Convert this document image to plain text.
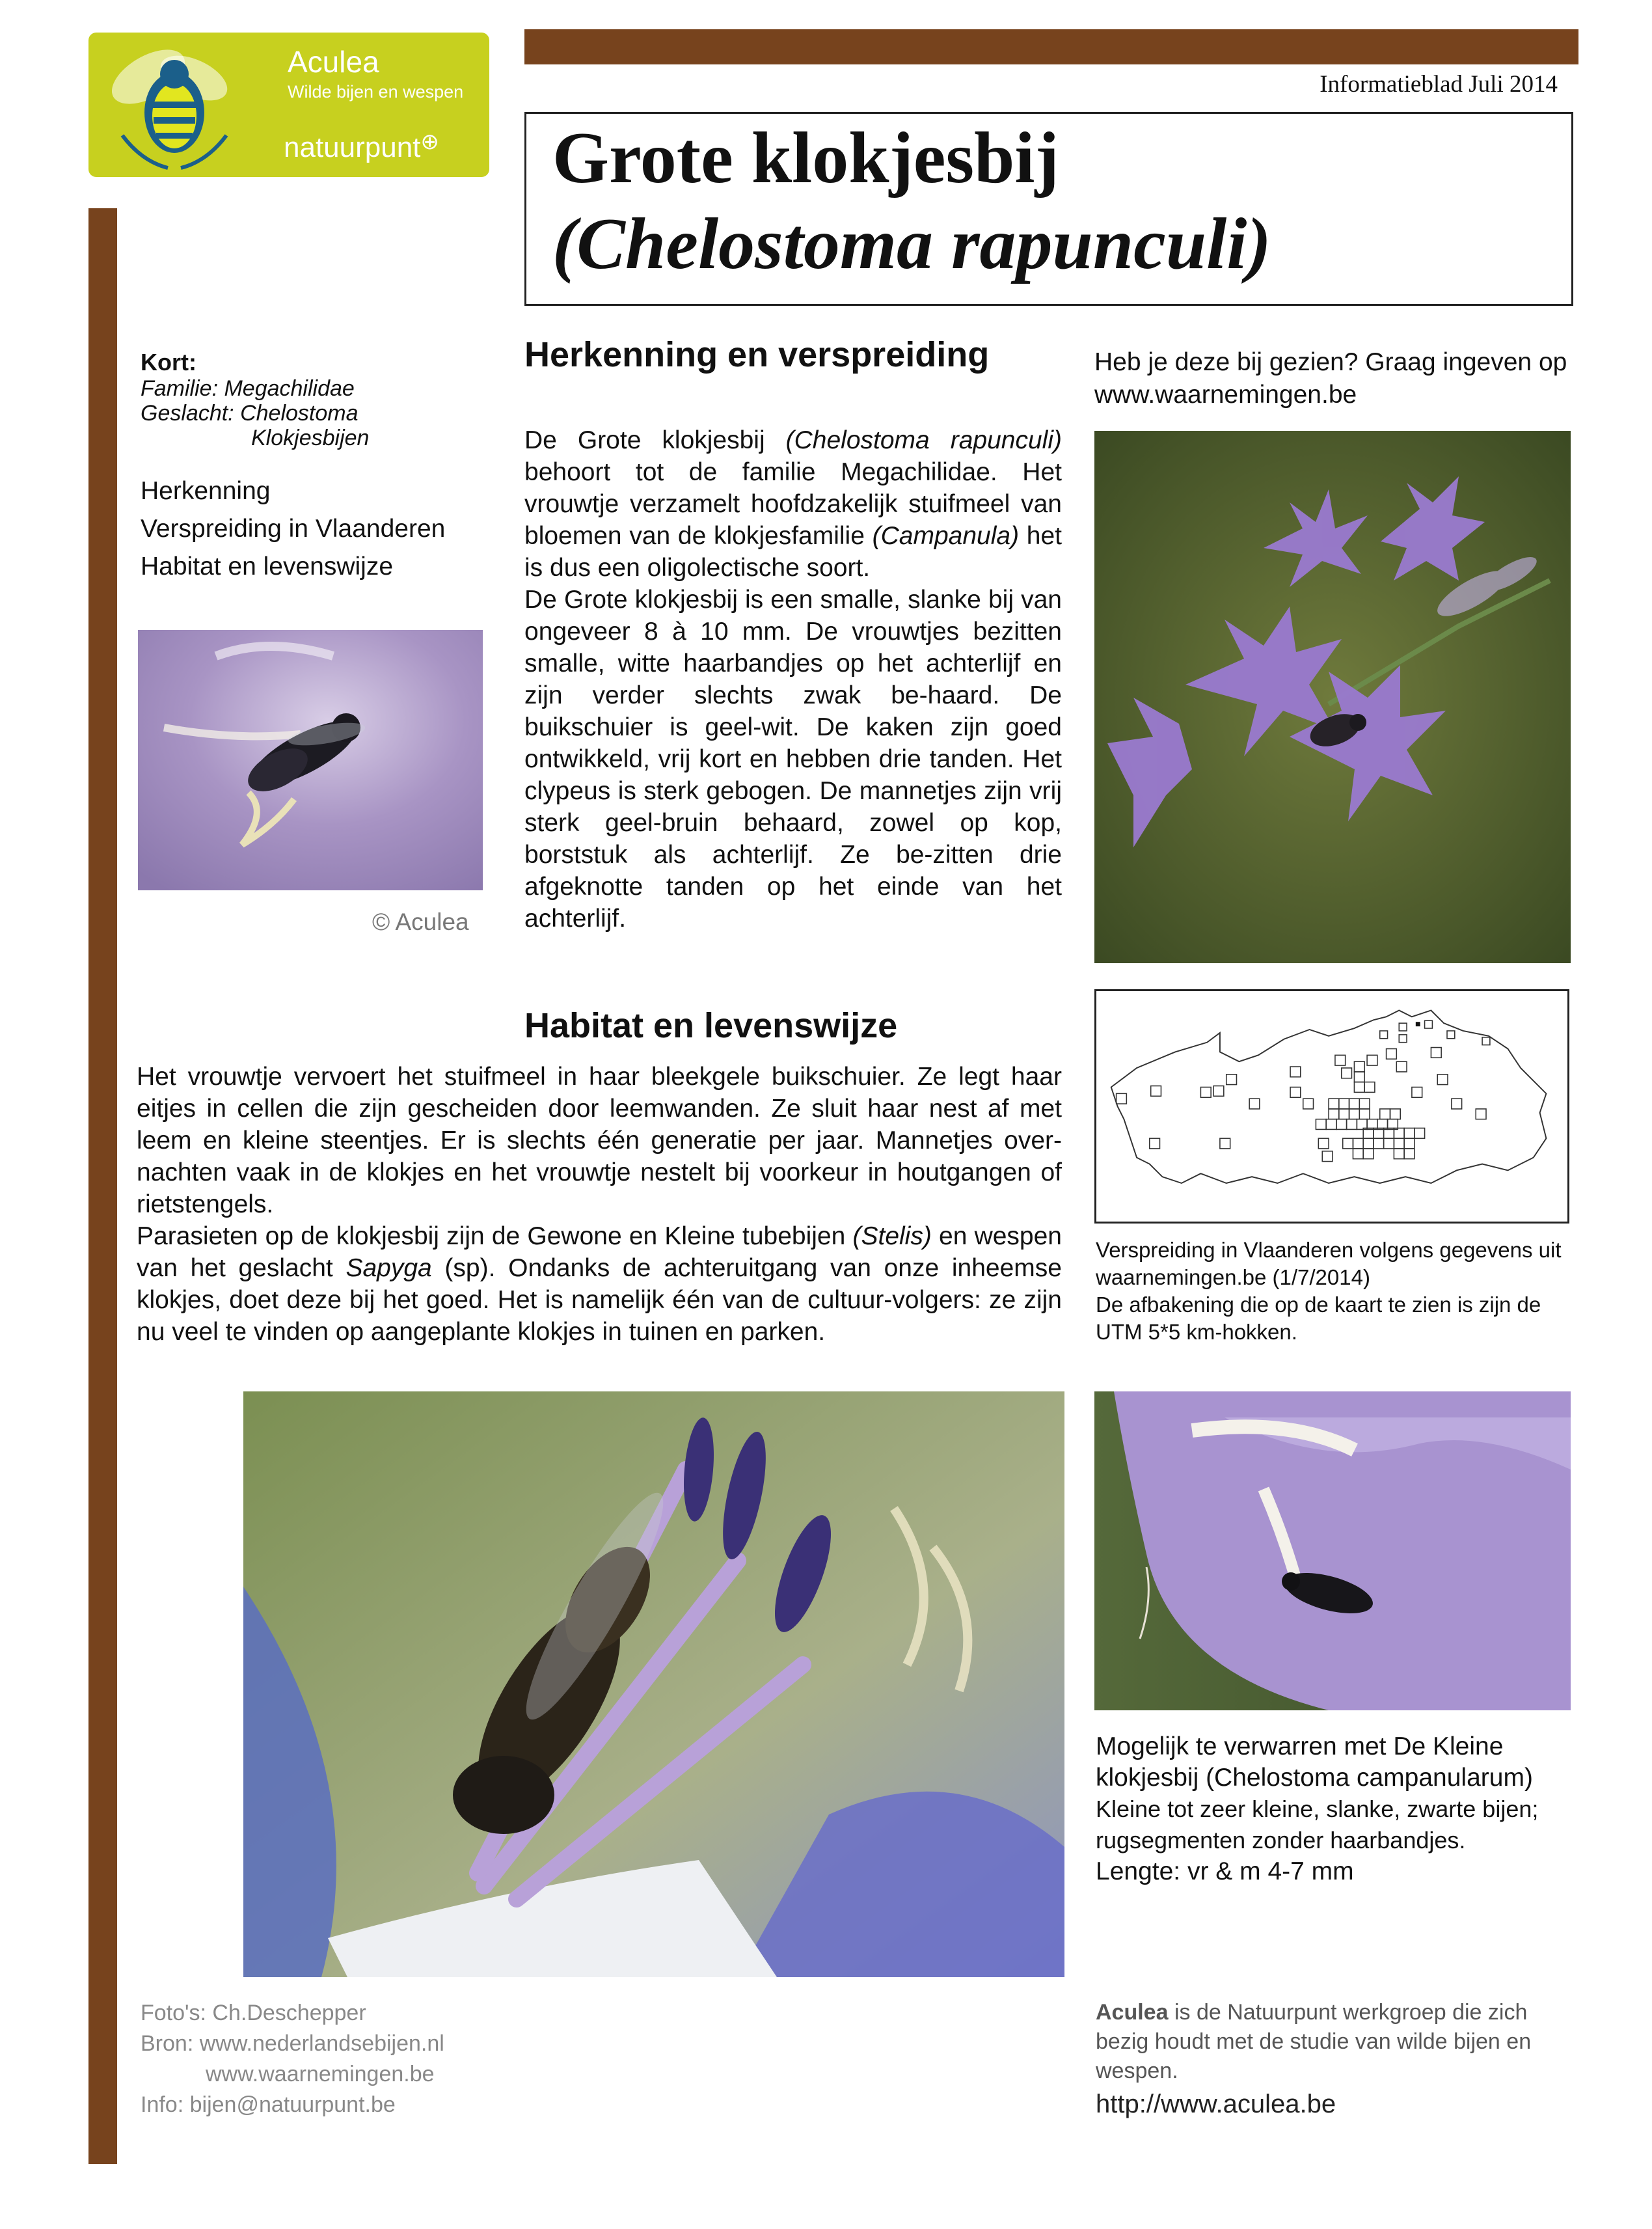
Aculea
Wilde bijen en wespen
natuurpunt⊕
Informatieblad Juli 2014
Grote klokjesbij
(Chelostoma rapunculi)
Kort:
Familie: Megachilidae
Geslacht: Chelostoma
Klokjesbijen
Herkenning
Verspreiding in Vlaanderen
Habitat en levenswijze
© Aculea
Herkenning en verspreiding
De Grote klokjesbij (Chelostoma rapunculi) behoort tot de familie Megachilidae. Het vrouwtje verzamelt hoofdzakelijk stuifmeel van bloemen van de klokjesfamilie (Campanula) het is dus een oligolectische soort.
De Grote klokjesbij is een smalle, slanke bij van ongeveer 8 à 10 mm. De vrouwtjes bezitten smalle, witte haarbandjes op het achterlijf en zijn verder slechts zwak be-haard. De buikschuier is geel-wit. De kaken zijn goed ontwikkeld, vrij kort en hebben drie tanden. Het clypeus is sterk gebogen. De mannetjes zijn vrij sterk geel-bruin behaard, zowel op kop, borststuk als achterlijf. Ze be-zitten drie afgeknotte tanden op het einde van het achterlijf.
Habitat en levenswijze
Het vrouwtje vervoert het stuifmeel in haar bleekgele buikschuier. Ze legt haar eitjes in cellen die zijn gescheiden door leemwanden. Ze sluit haar nest af met leem en kleine steentjes. Er is slechts één generatie per jaar. Mannetjes over-nachten vaak in de klokjes en het vrouwtje nestelt bij voorkeur in houtgangen of rietstengels.
Parasieten op de klokjesbij zijn de Gewone en Kleine tubebijen (Stelis) en wespen van het geslacht Sapyga (sp). Ondanks de achteruitgang van onze inheemse klokjes, doet deze bij het goed. Het is namelijk één van de cultuur-volgers: ze zijn nu veel te vinden op aangeplante klokjes in tuinen en parken.
Heb je deze bij gezien? Graag ingeven op www.waarnemingen.be
Verspreiding in Vlaanderen volgens gegevens uit waarnemingen.be (1/7/2014)
De afbakening die op de kaart te zien is zijn de UTM 5*5 km-hokken.
Mogelijk te verwarren met De Kleine klokjesbij (Chelostoma campanularum)
Kleine tot zeer kleine, slanke, zwarte bijen; rugsegmenten zonder haarbandjes.
Lengte: vr & m 4-7 mm
Foto's: Ch.Deschepper
Bron: www.nederlandsebijen.nl
www.waarnemingen.be
Info: bijen@natuurpunt.be
Aculea is de Natuurpunt werkgroep die zich bezig houdt met de studie van wilde bijen en wespen.
http://www.aculea.be
